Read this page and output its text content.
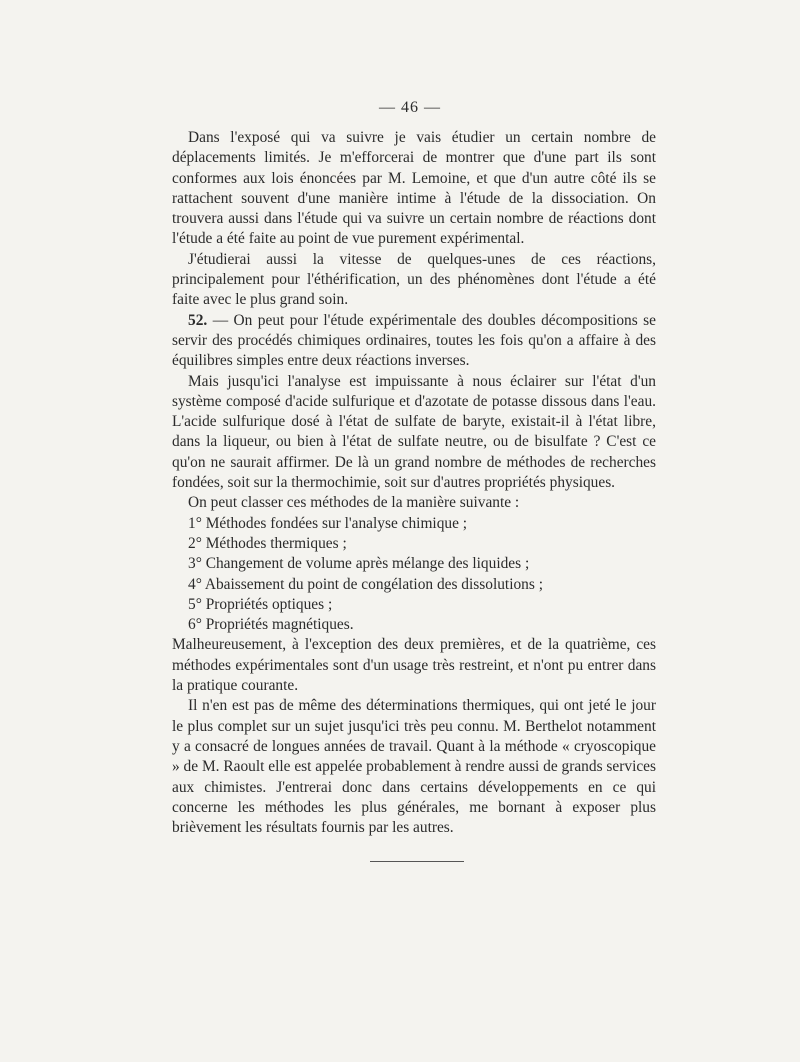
— 46 —

Dans l'exposé qui va suivre je vais étudier un certain nombre de déplacements limités. Je m'efforcerai de montrer que d'une part ils sont conformes aux lois énoncées par M. Lemoine, et que d'un autre côté ils se rattachent souvent d'une manière intime à l'étude de la dissociation. On trouvera aussi dans l'étude qui va suivre un certain nombre de réactions dont l'étude a été faite au point de vue purement expérimental.

J'étudierai aussi la vitesse de quelques-unes de ces réactions, principalement pour l'éthérification, un des phénomènes dont l'étude a été faite avec le plus grand soin.

52. — On peut pour l'étude expérimentale des doubles décompositions se servir des procédés chimiques ordinaires, toutes les fois qu'on a affaire à des équilibres simples entre deux réactions inverses.

Mais jusqu'ici l'analyse est impuissante à nous éclairer sur l'état d'un système composé d'acide sulfurique et d'azotate de potasse dissous dans l'eau. L'acide sulfurique dosé à l'état de sulfate de baryte, existait-il à l'état libre, dans la liqueur, ou bien à l'état de sulfate neutre, ou de bisulfate ? C'est ce qu'on ne saurait affirmer. De là un grand nombre de méthodes de recherches fondées, soit sur la thermochimie, soit sur d'autres propriétés physiques.

On peut classer ces méthodes de la manière suivante :

1° Méthodes fondées sur l'analyse chimique ;

2° Méthodes thermiques ;

3° Changement de volume après mélange des liquides ;

4° Abaissement du point de congélation des dissolutions ;

5° Propriétés optiques ;

6° Propriétés magnétiques.

Malheureusement, à l'exception des deux premières, et de la quatrième, ces méthodes expérimentales sont d'un usage très restreint, et n'ont pu entrer dans la pratique courante.

Il n'en est pas de même des déterminations thermiques, qui ont jeté le jour le plus complet sur un sujet jusqu'ici très peu connu. M. Berthelot notamment y a consacré de longues années de travail. Quant à la méthode « cryoscopique » de M. Raoult elle est appelée probablement à rendre aussi de grands services aux chimistes. J'entrerai donc dans certains développements en ce qui concerne les méthodes les plus générales, me bornant à exposer plus brièvement les résultats fournis par les autres.
